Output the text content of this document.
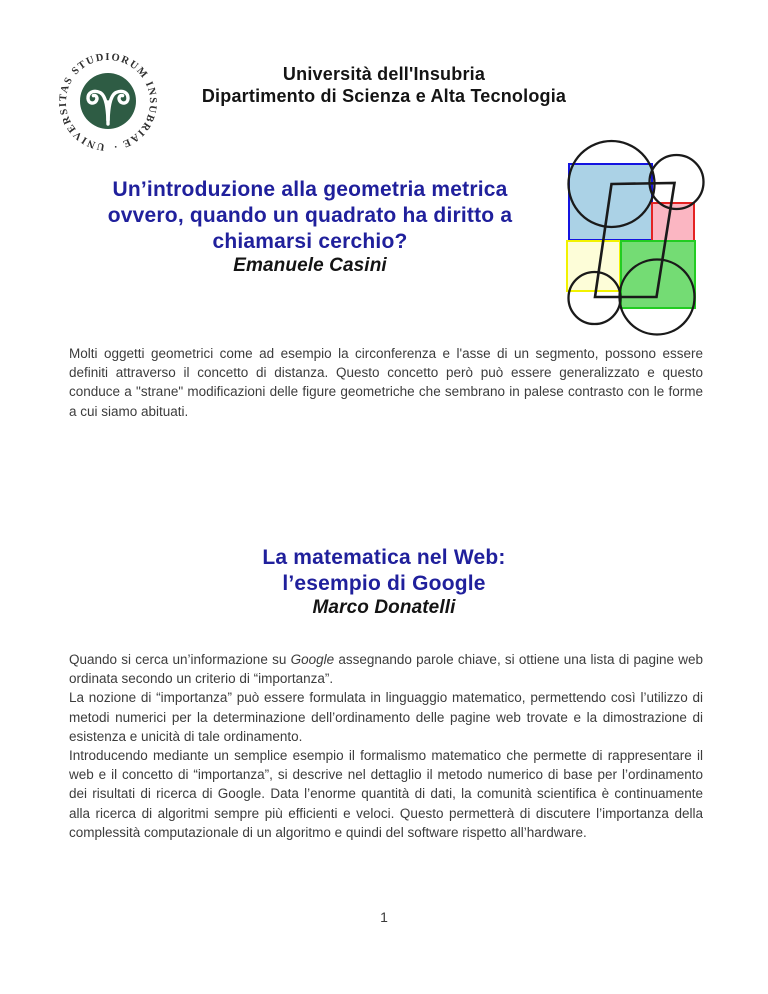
UNIVERSITAS STUDIORUM INSUBRIAE ·
Università dell'Insubria
Dipartimento di Scienza e Alta Tecnologia
Un’introduzione alla geometria metrica
ovvero, quando un quadrato ha diritto a
chiamarsi cerchio?
Emanuele Casini

Molti oggetti geometrici come ad esempio la circonferenza e l'asse di un segmento, possono essere definiti attraverso il concetto di distanza. Questo concetto però può essere generalizzato e questo conduce a "strane" modificazioni delle figure geometriche che sembrano in palese contrasto con le forme a cui siamo abituati.

La matematica nel Web:
l’esempio di Google
Marco Donatelli

Quando si cerca un’informazione su Google assegnando parole chiave, si ottiene una lista di pagine web ordinata secondo un criterio di “importanza”.

La nozione di “importanza” può essere formulata in linguaggio matematico, permettendo così l’utilizzo di metodi numerici per la determinazione dell’ordinamento delle pagine web trovate e la dimostrazione di esistenza e unicità di tale ordinamento.

Introducendo mediante un semplice esempio il formalismo matematico che permette di rappresentare il web e il concetto di “importanza”, si descrive nel dettaglio il metodo numerico di base per l’ordinamento dei risultati di ricerca di Google. Data l’enorme quantità di dati, la comunità scientifica è continuamente alla ricerca di algoritmi sempre più efficienti e veloci. Questo permetterà di discutere l’importanza della complessità computazionale di un algoritmo e quindi del software rispetto all’hardware.

1
